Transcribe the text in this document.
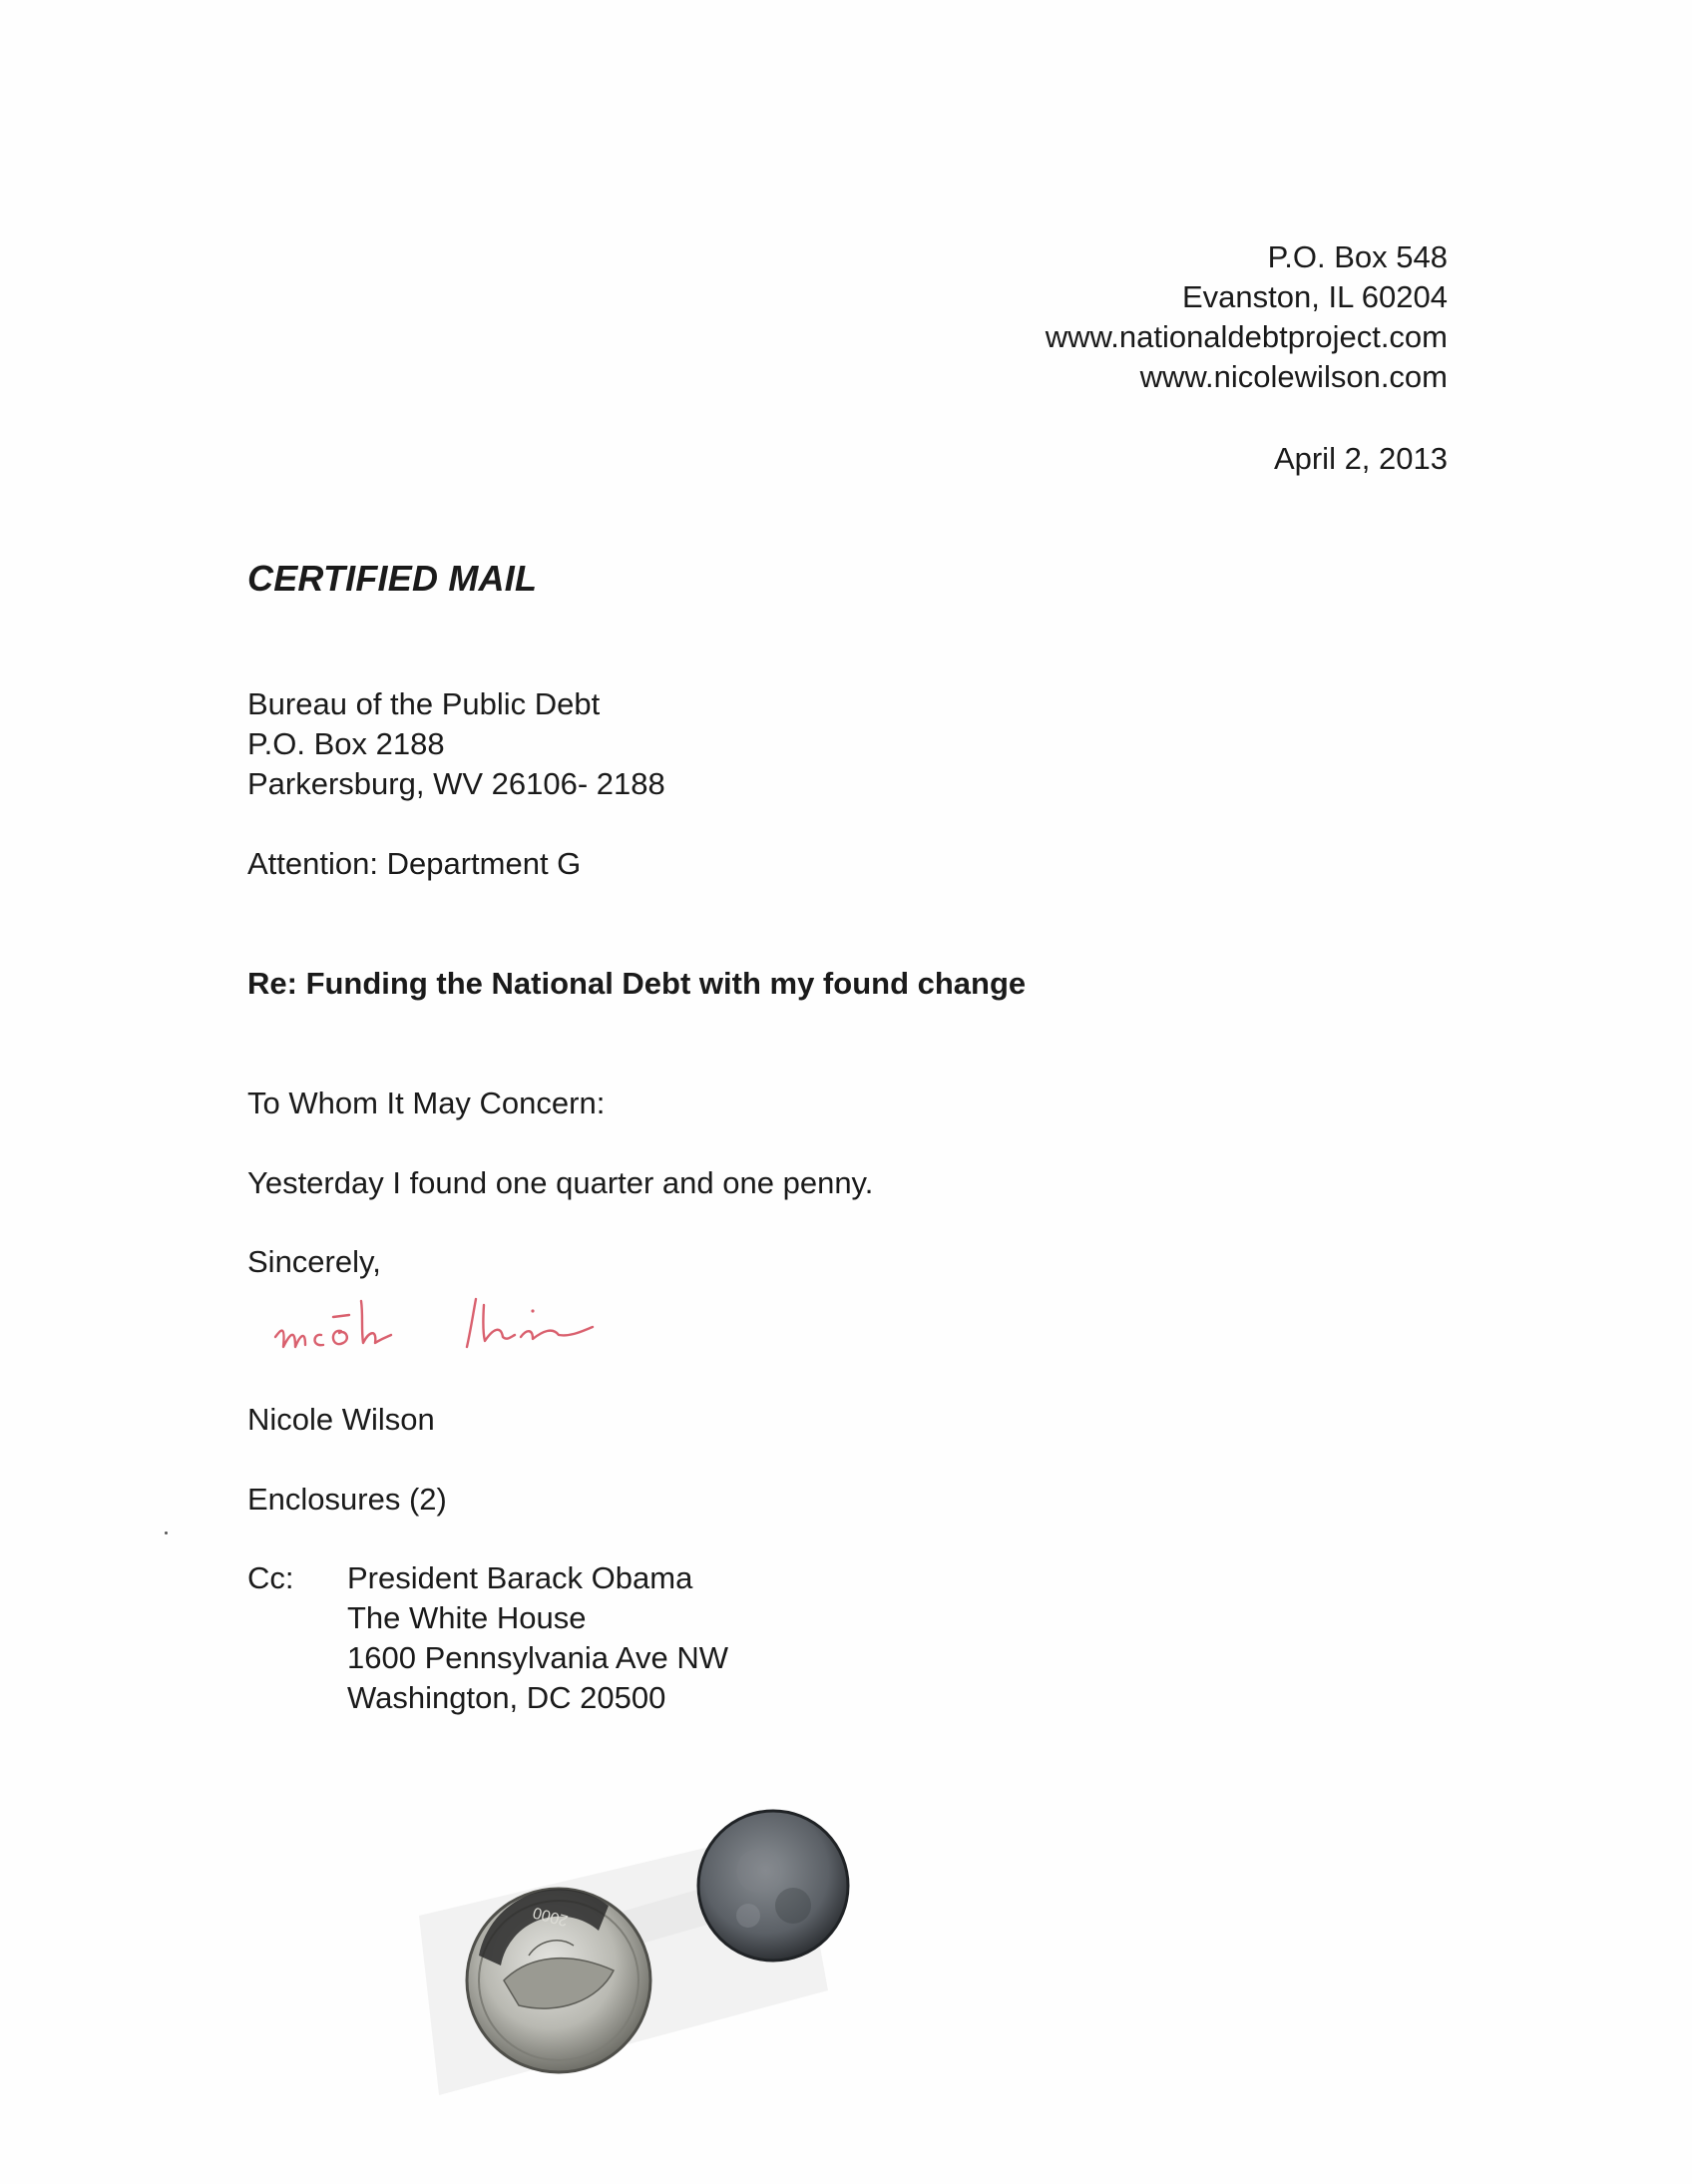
P.O. Box 548
Evanston, IL 60204
www.nationaldebtproject.com
www.nicolewilson.com
April 2, 2013
CERTIFIED MAIL
Bureau of the Public Debt
P.O. Box 2188
Parkersburg, WV 26106- 2188
Attention: Department G
Re: Funding the National Debt with my found change
To Whom It May Concern:
Yesterday I found one quarter and one penny.
Sincerely,
Nicole Wilson
Enclosures (2)
Cc: President Barack Obama
The White House
1600 Pennsylvania Ave NW
Washington, DC 20500
2000
